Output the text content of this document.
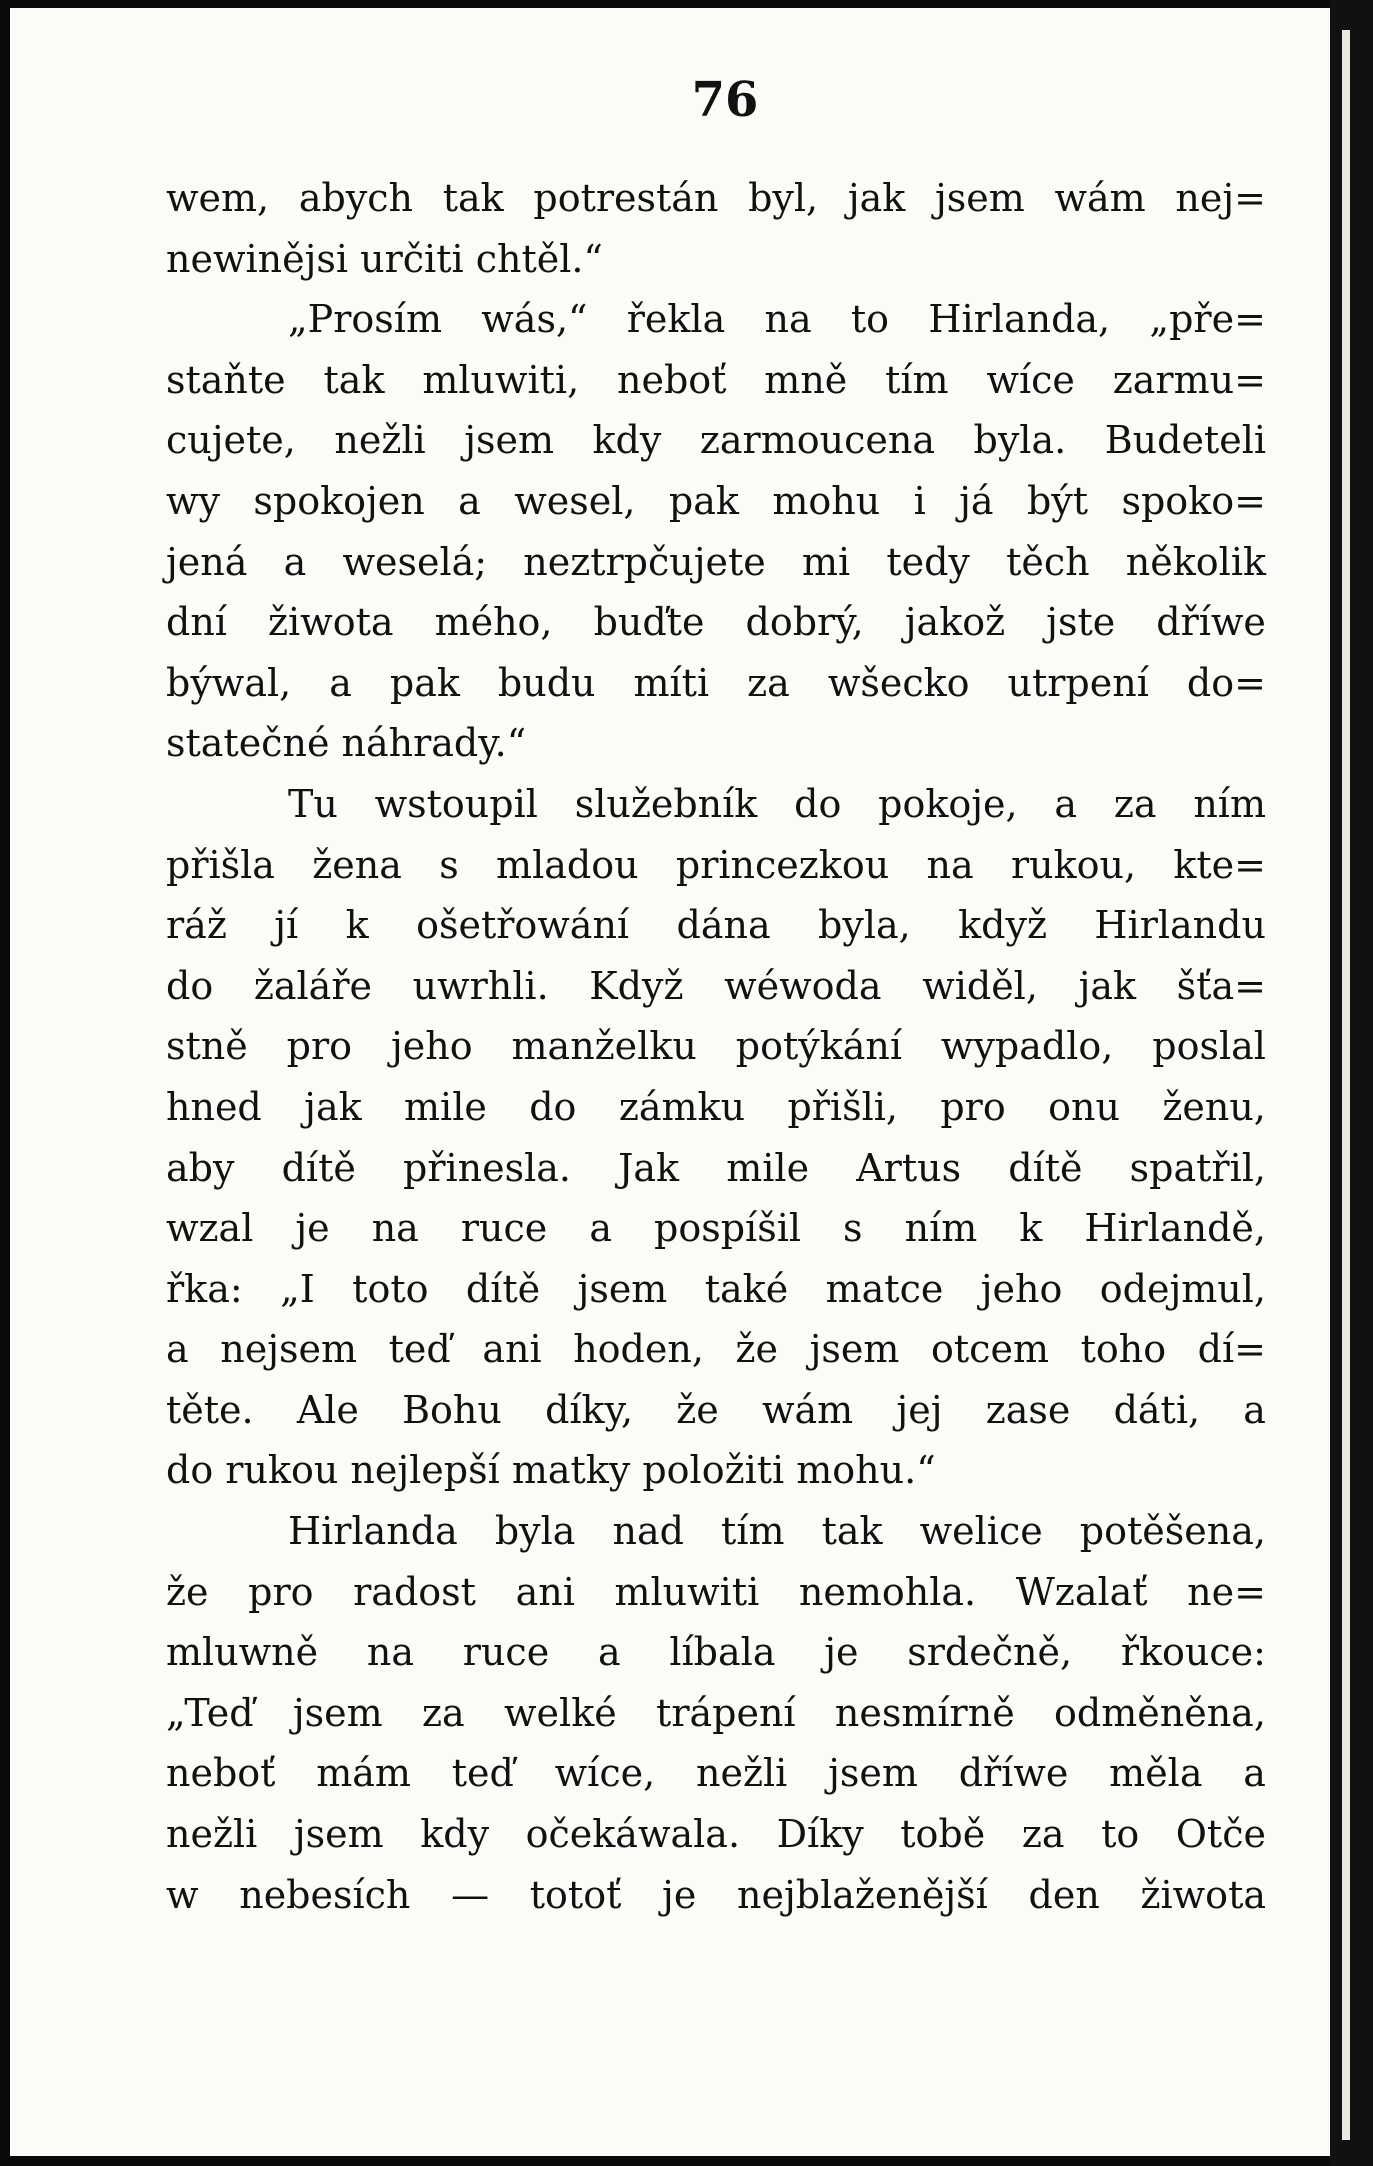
76
wem, abych tak potrestán byl, jak jsem wám nej=
newinějsi určiti chtěl.“
„Prosím wás,“ řekla na to Hirlanda, „pře=
staňte tak mluwiti, neboť mně tím wíce zarmu=
cujete, nežli jsem kdy zarmoucena byla. Budeteli
wy spokojen a wesel, pak mohu i já být spoko=
jená a weselá; neztrpčujete mi tedy těch několik
dní žiwota mého, buďte dobrý, jakož jste dříwe
býwal, a pak budu míti za wšecko utrpení do=
statečné náhrady.“
Tu wstoupil služebník do pokoje, a za ním
přišla žena s mladou princezkou na rukou, kte=
ráž jí k ošetřowání dána byla, když Hirlandu
do žaláře uwrhli. Když wéwoda widěl, jak šťa=
stně pro jeho manželku potýkání wypadlo, poslal
hned jak mile do zámku přišli, pro onu ženu,
aby dítě přinesla. Jak mile Artus dítě spatřil,
wzal je na ruce a pospíšil s ním k Hirlandě,
řka: „I toto dítě jsem také matce jeho odejmul,
a nejsem teď ani hoden, že jsem otcem toho dí=
těte. Ale Bohu díky, že wám jej zase dáti, a
do rukou nejlepší matky položiti mohu.“
Hirlanda byla nad tím tak welice potěšena,
že pro radost ani mluwiti nemohla. Wzalať ne=
mluwně na ruce a líbala je srdečně, řkouce:
„Teď jsem za welké trápení nesmírně odměněna,
neboť mám teď wíce, nežli jsem dříwe měla a
nežli jsem kdy očekáwala. Díky tobě za to Otče
w nebesích — totoť je nejblaženější den žiwota
